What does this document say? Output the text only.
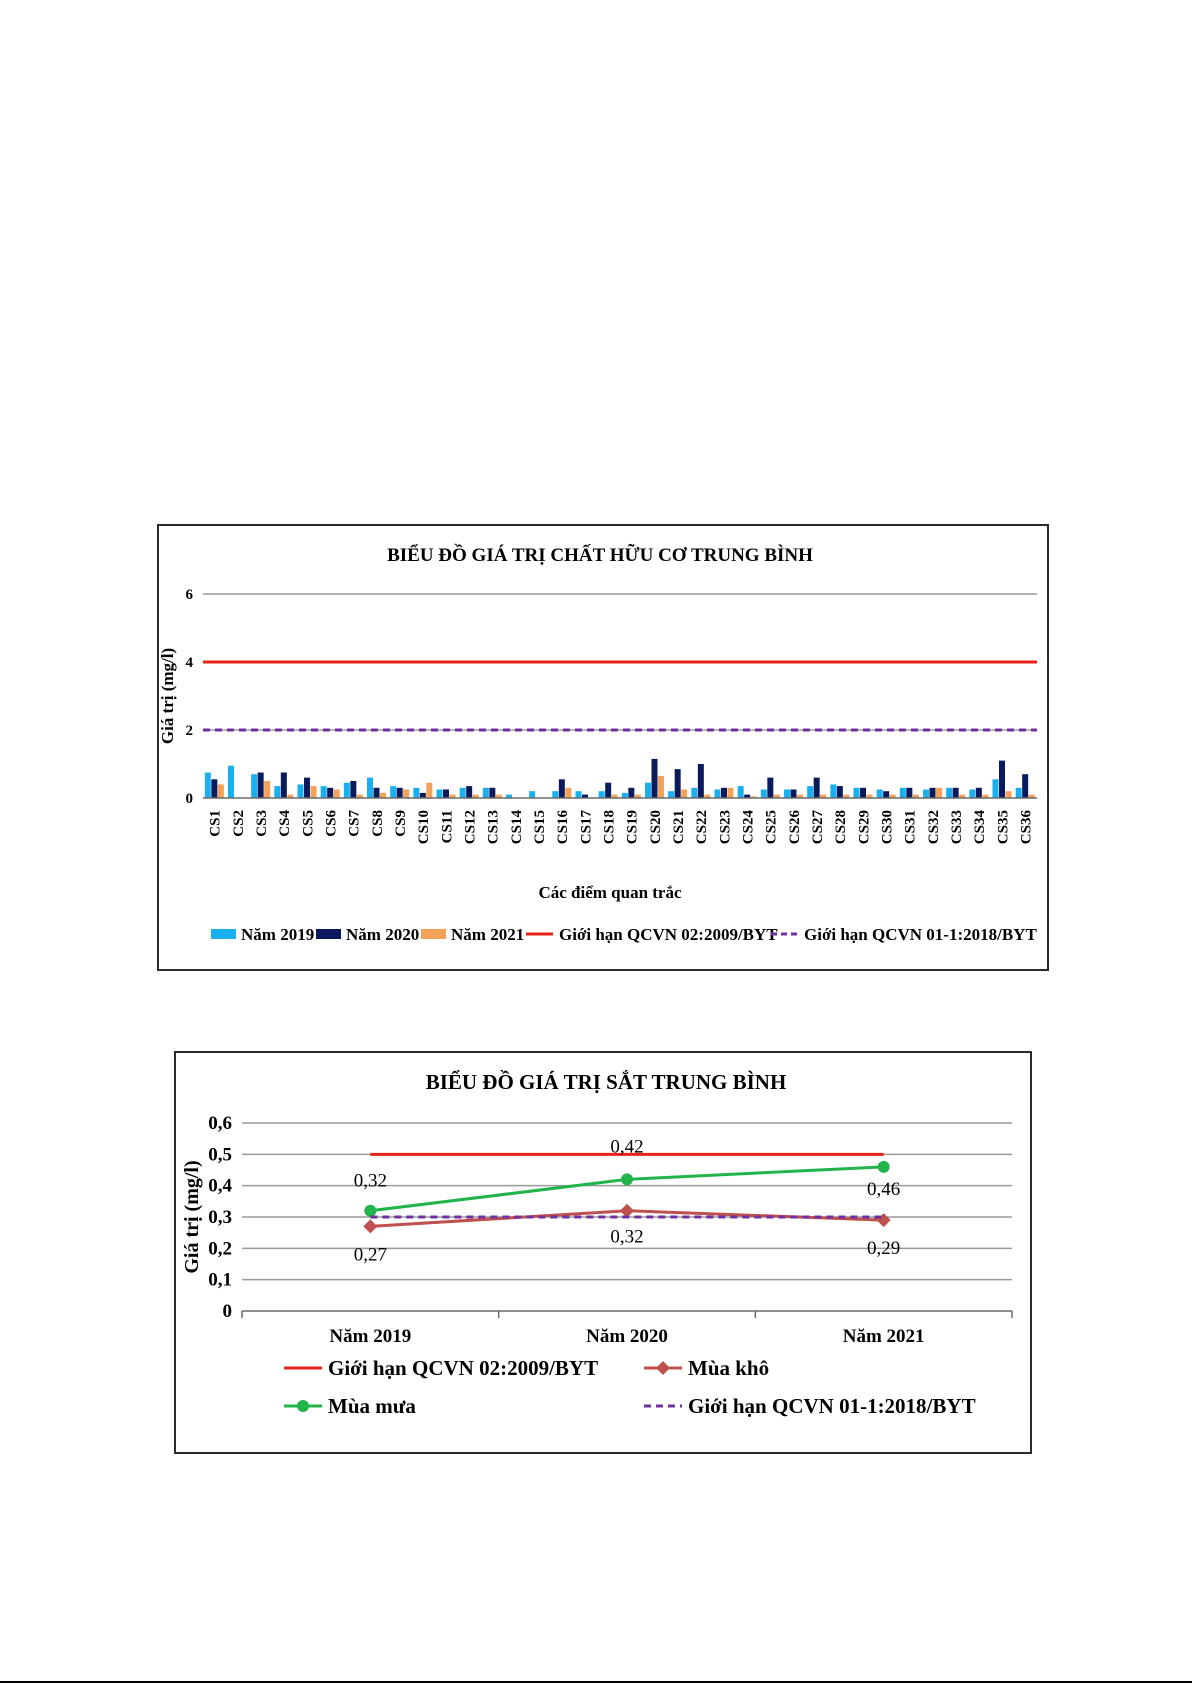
BIỂU ĐỒ GIÁ TRỊ CHẤT HỮU CƠ TRUNG BÌNH
0
2
4
6
Giá trị (mg/l)
CS1 CS2 CS3 CS4 CS5 CS6 CS7 CS8 CS9 CS10 CS11 CS12 CS13 CS14 CS15 CS16 CS17 CS18 CS19 CS20 CS21 CS22 CS23 CS24 CS25 CS26 CS27 CS28 CS29 CS30 CS31 CS32 CS33 CS34 CS35 CS36
Các điểm quan trắc
Năm 2019 Năm 2020 Năm 2021 Giới hạn QCVN 02:2009/BYT Giới hạn QCVN 01-1:2018/BYT
BIỂU ĐỒ GIÁ TRỊ SẮT TRUNG BÌNH
0
0,1
0,2
0,3
0,4
0,5
0,6
Giá trị (mg/l)
Năm 2019	Năm 2020	Năm 2021
0,32
0,42
0,46
0,27
0,32
0,29
Giới hạn QCVN 02:2009/BYT	Mùa khô
Mùa mưa	Giới hạn QCVN 01-1:2018/BYT
